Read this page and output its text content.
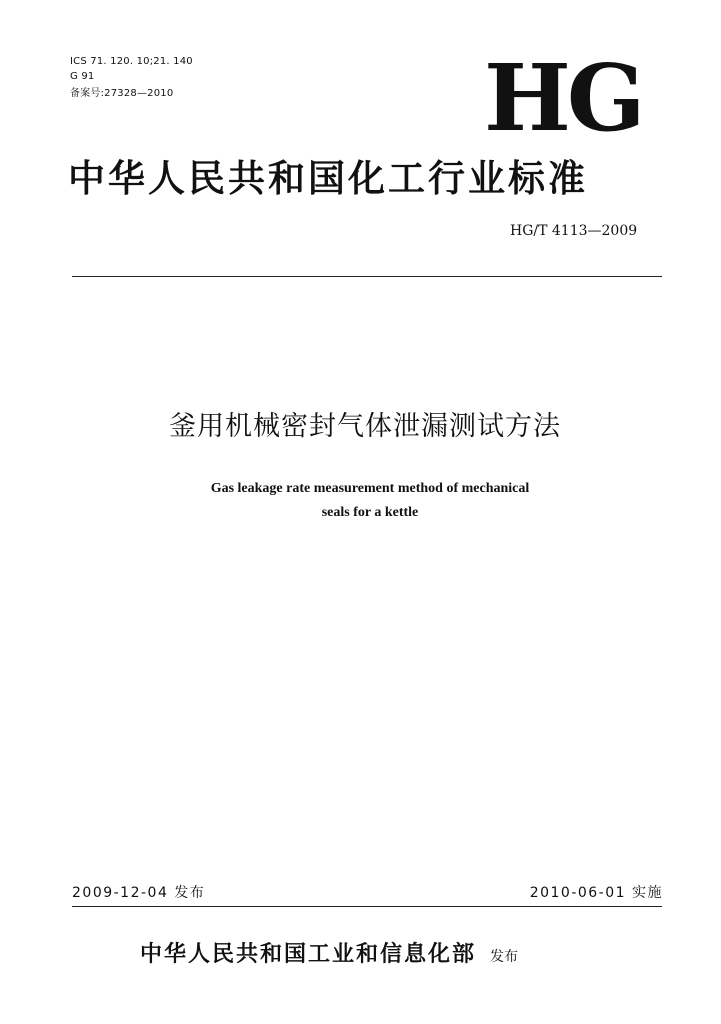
ICS 71. 120. 10;21. 140
G 91
备案号:27328—2010	HG
中华人民共和国化工行业标准
HG/T 4113—2009
釜用机械密封气体泄漏测试方法
Gas leakage rate measurement method of mechanical
seals for a kettle
2009-12-04 发布	2010-06-01 实施
中华人民共和国工业和信息化部 发布
